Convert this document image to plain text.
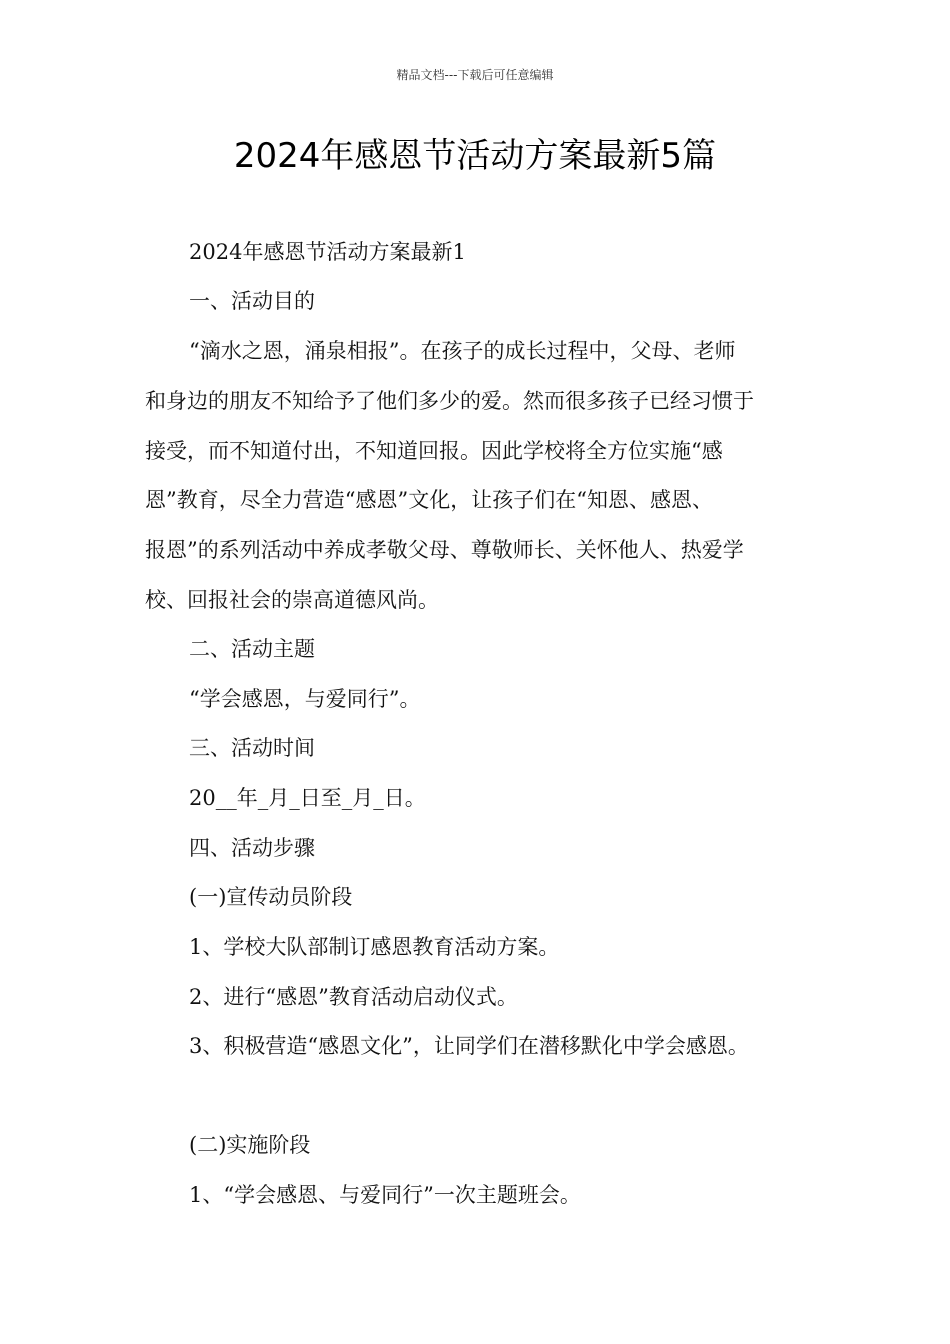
精品文档---下载后可任意编辑
2024年感恩节活动方案最新5篇
2024年感恩节活动方案最新1
一、活动目的
“滴水之恩，涌泉相报”。在孩子的成长过程中，父母、老师
和身边的朋友不知给予了他们多少的爱。然而很多孩子已经习惯于
接受，而不知道付出，不知道回报。因此学校将全方位实施“感
恩”教育，尽全力营造“感恩”文化，让孩子们在“知恩、感恩、
报恩”的系列活动中养成孝敬父母、尊敬师长、关怀他人、热爱学
校、回报社会的崇高道德风尚。
二、活动主题
“学会感恩，与爱同行”。
三、活动时间
20__年_月_日至_月_日。
四、活动步骤
(一)宣传动员阶段
1、学校大队部制订感恩教育活动方案。
2、进行“感恩”教育活动启动仪式。
3、积极营造“感恩文化”，让同学们在潜移默化中学会感恩。
(二)实施阶段
1、“学会感恩、与爱同行”一次主题班会。
